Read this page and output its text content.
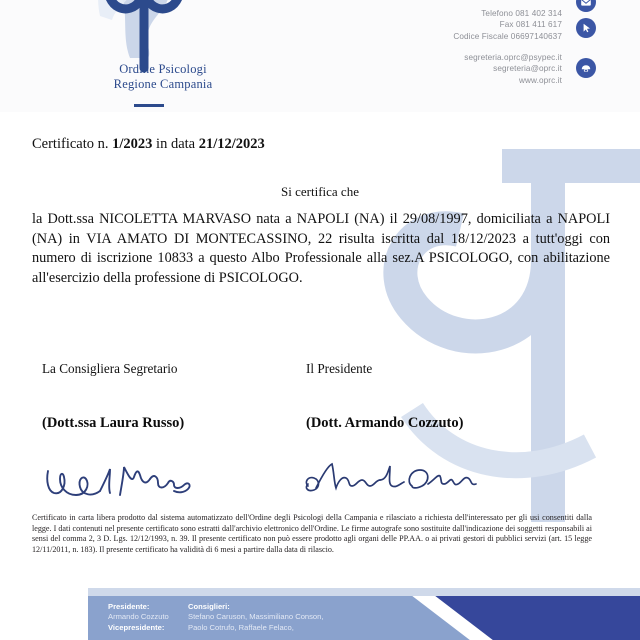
Ordine Psicologi
Regione Campania
Telefono 081 402 314
Fax 081 411 617
Codice Fiscale 06697140637
segreteria.oprc@psypec.it
segreteria@oprc.it
www.oprc.it
Certificato n. 1/2023 in data 21/12/2023
Si certifica che
la Dott.ssa NICOLETTA MARVASO nata a NAPOLI (NA) il 29/08/1997, domiciliata a NAPOLI (NA) in VIA AMATO DI MONTECASSINO, 22 risulta iscritta dal 18/12/2023 a tutt'oggi con numero di iscrizione 10833 a questo Albo Professionale alla sez.A PSICOLOGO, con abilitazione all'esercizio della professione di PSICOLOGO.
La Consigliera Segretario
(Dott.ssa Laura Russo)
Il Presidente
(Dott. Armando Cozzuto)
Certificato in carta libera prodotto dal sistema automatizzato dell'Ordine degli Psicologi della Campania e rilasciato a richiesta dell'interessato per gli usi consentiti dalla legge. I dati contenuti nel presente certificato sono estratti dall'archivio elettronico dell'Ordine. Le firme autografe sono sostituite dall'indicazione dei soggetti responsabili ai sensi del comma 2, 3 D. Lgs. 12/12/1993, n. 39. Il presente certificato non può essere prodotto agli organi delle PP.AA. o ai privati gestori di pubblici servizi (art. 15 legge 12/11/2011, n. 183). Il presente certificato ha validità di 6 mesi a partire dalla data di rilascio.
Presidente:
Armando Cozzuto
Vicepresidente:
Consiglieri:
Stefano Caruson, Massimiliano Conson,
Paolo Cotrufo, Raffaele Felaco,
